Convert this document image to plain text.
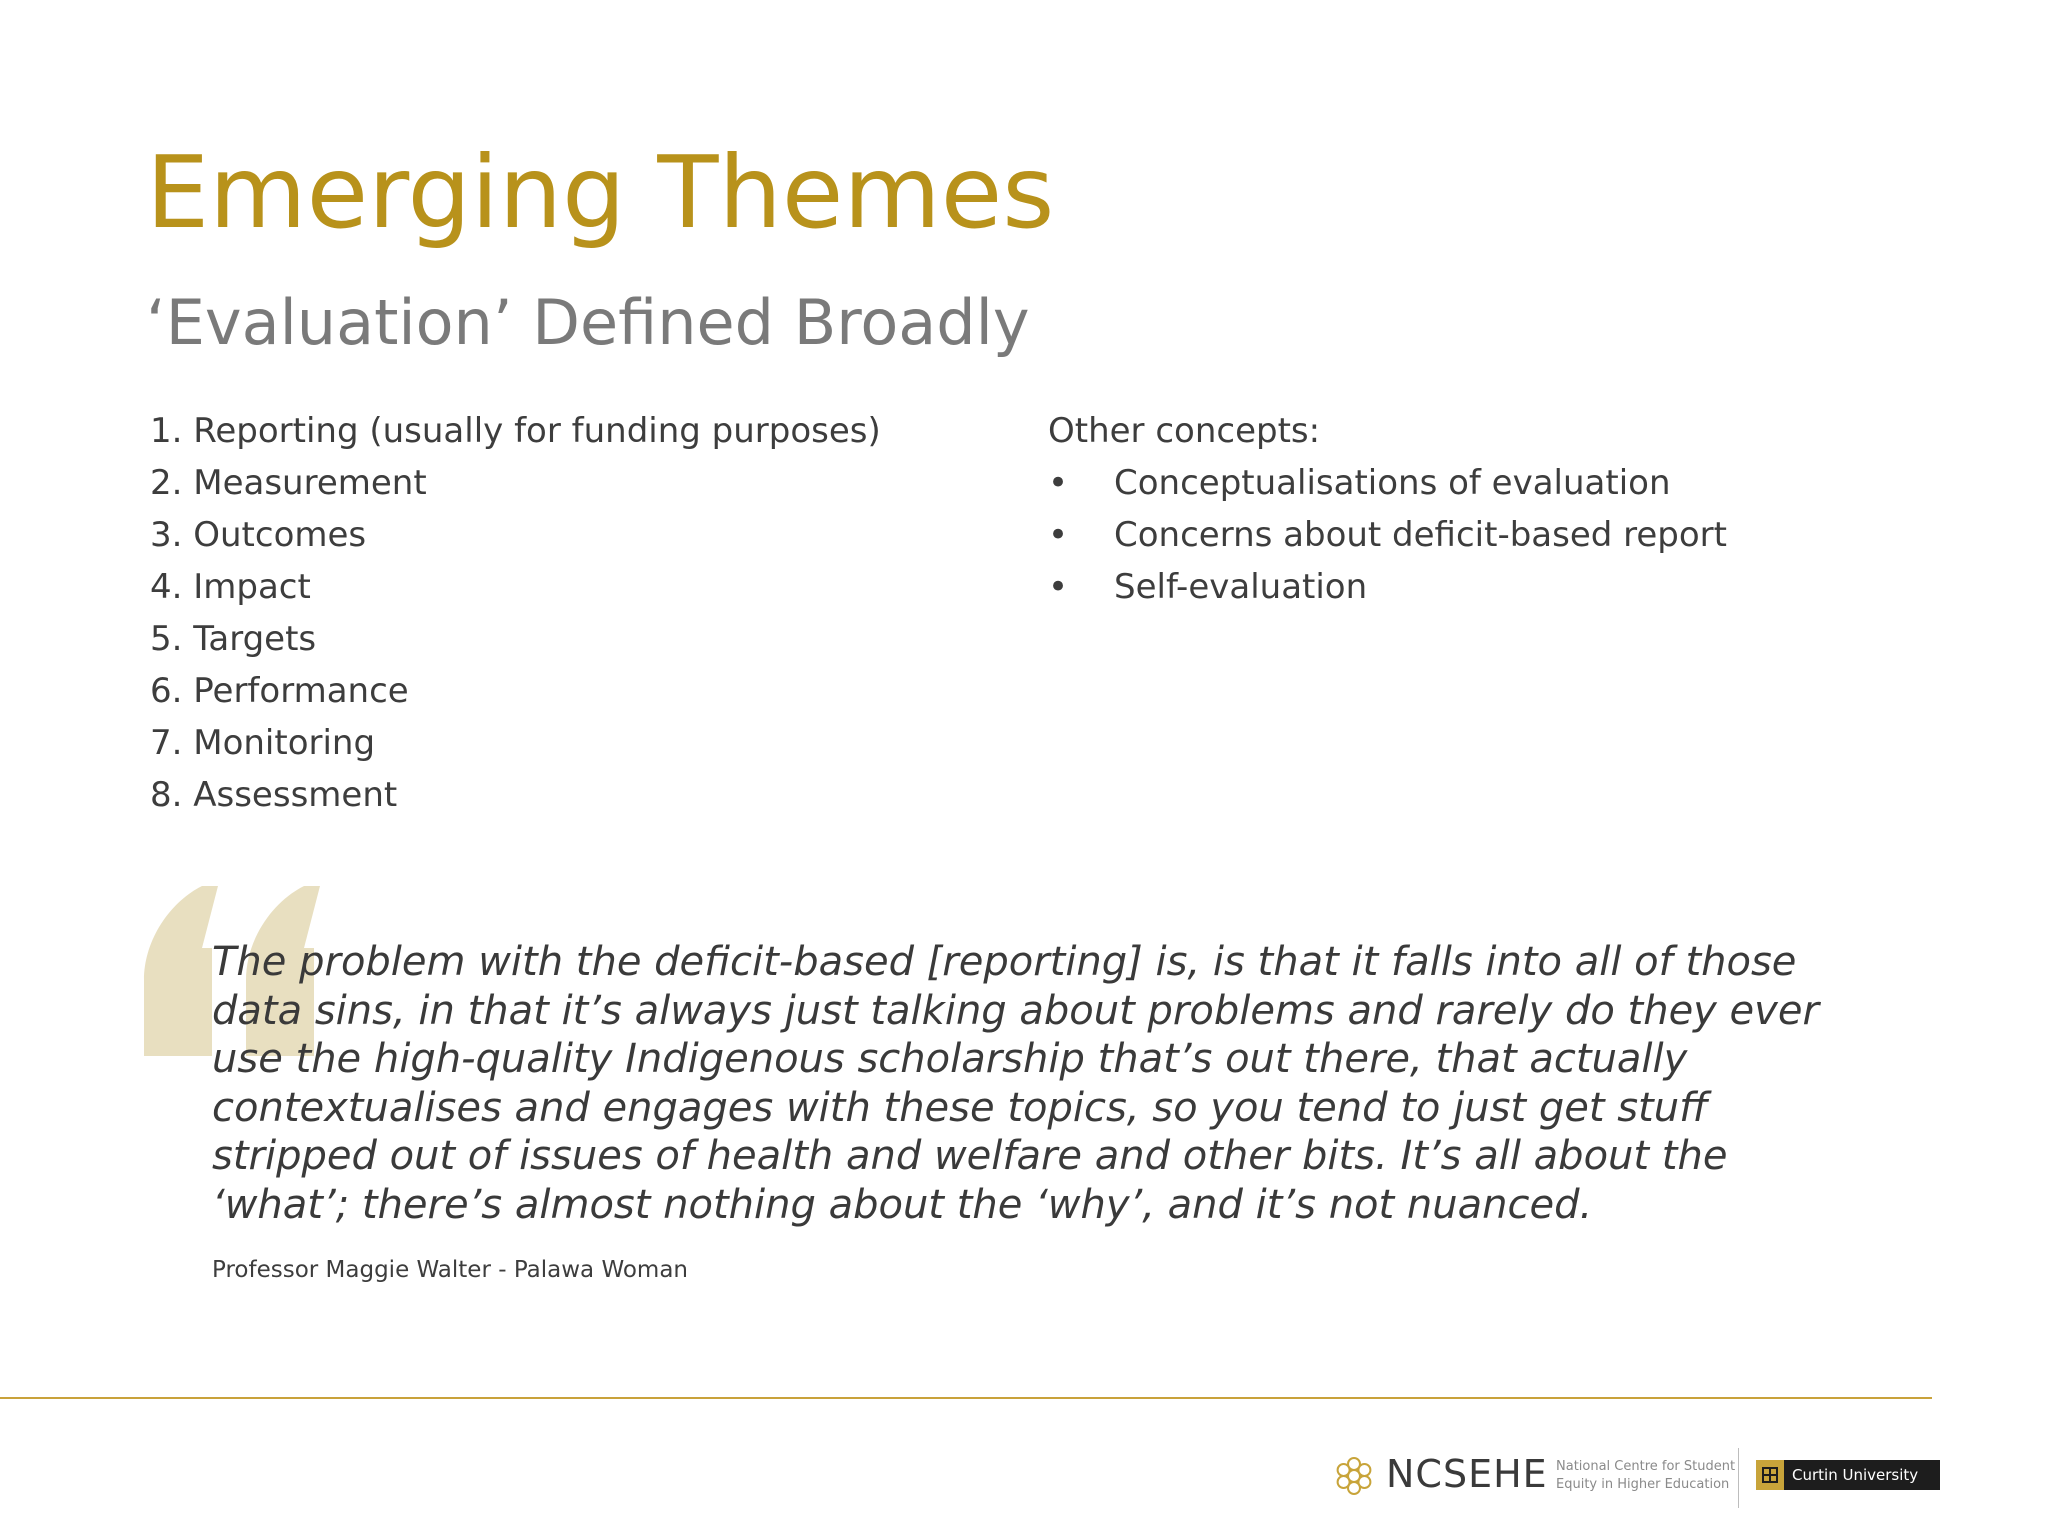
Emerging Themes
‘Evaluation’ Defined Broadly
1. Reporting (usually for funding purposes)
2. Measurement
3. Outcomes
4. Impact
5. Targets
6. Performance
7. Monitoring
8. Assessment
Other concepts:
•	Conceptualisations of evaluation
•	Concerns about deficit-based report
•	Self-evaluation
The problem with the deficit-based [reporting] is, is that it falls into all of those data sins, in that it’s always just talking about problems and rarely do they ever use the high-quality Indigenous scholarship that’s out there, that actually contextualises and engages with these topics, so you tend to just get stuff stripped out of issues of health and welfare and other bits. It’s all about the ‘what’; there’s almost nothing about the ‘why’, and it’s not nuanced.
Professor Maggie Walter - Palawa Woman
NCSEHE National Centre for Student
Equity in Higher Education
Curtin University
